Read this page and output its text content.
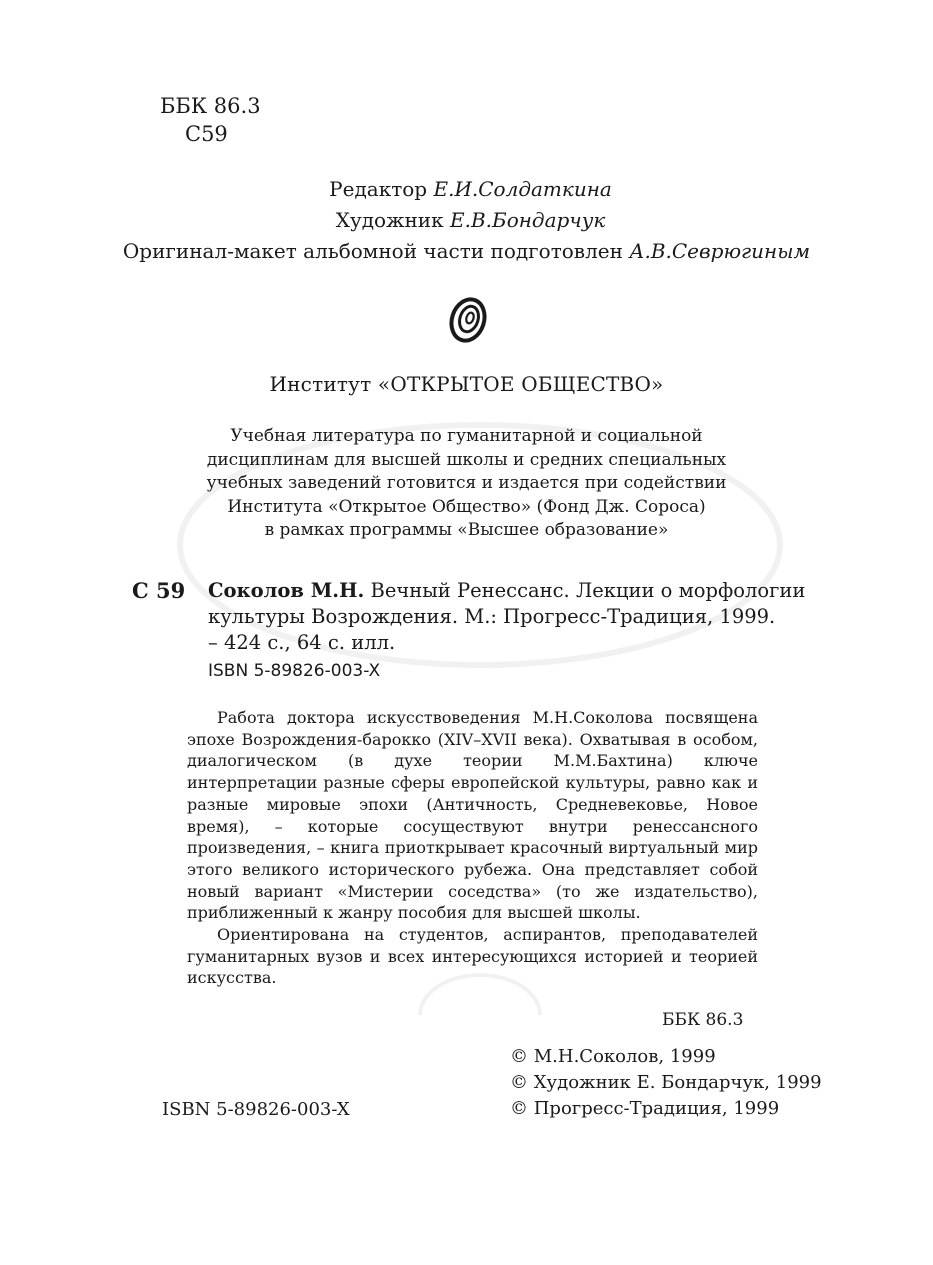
ББК 86.3
С59
Редактор Е.И.Солдаткина
Художник Е.В.Бондарчук
Оригинал-макет альбомной части подготовлен А.В.Севрюгиным
Институт «ОТКРЫТОЕ ОБЩЕСТВО»
Учебная литература по гуманитарной и социальной
дисциплинам для высшей школы и средних специальных
учебных заведений готовится и издается при содействии
Института «Открытое Общество» (Фонд Дж. Сороса)
в рамках программы «Высшее образование»
С 59 Соколов М.Н. Вечный Ренессанс. Лекции о морфологии
культуры Возрождения. М.: Прогресс-Традиция, 1999.
– 424 с., 64 с. илл.
ISBN 5-89826-003-X

Работа доктора искусствоведения М.Н.Соколова посвящена эпохе Возрождения-барокко (XIV–XVII века). Охватывая в особом, диалогическом (в духе теории М.М.Бахтина) ключе интерпретации разные сферы европейской культуры, равно как и разные мировые эпохи (Античность, Средневековье, Новое время), – которые сосуществуют внутри ренессансного произведения, – книга приоткрывает красочный виртуальный мир этого великого исторического рубежа. Она представляет собой новый вариант «Мистерии соседства» (то же издательство), приближенный к жанру пособия для высшей школы.

Ориентирована на студентов, аспирантов, преподавателей гуманитарных вузов и всех интересующихся историей и теорией искусства.

ББК 86.3
© М.Н.Соколов, 1999
© Художник Е. Бондарчук, 1999
© Прогресс-Традиция, 1999
ISBN 5-89826-003-X
